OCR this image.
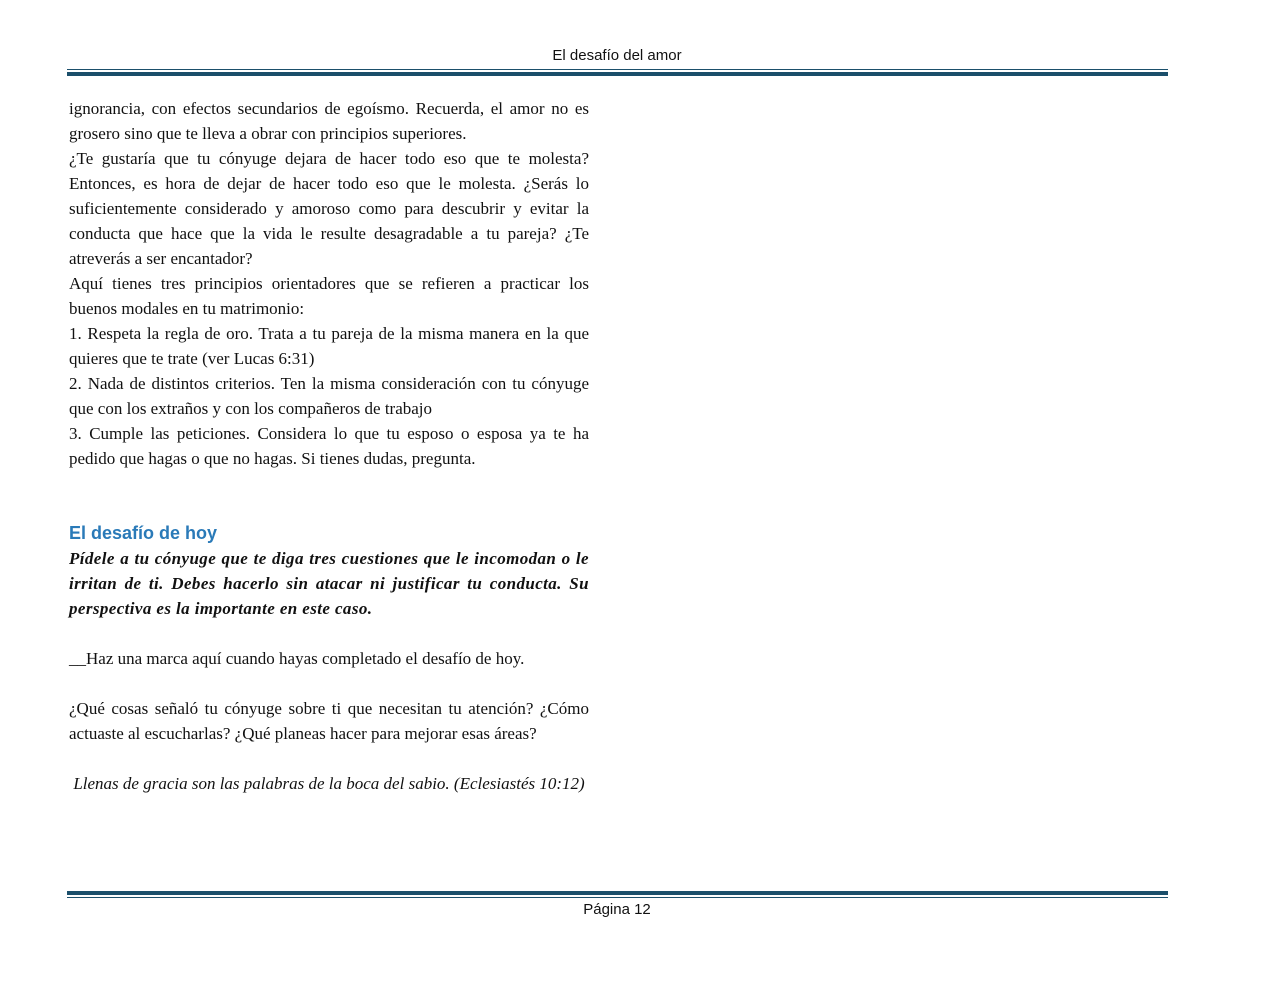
El desafío del amor

ignorancia, con efectos secundarios de egoísmo. Recuerda, el amor no es grosero sino que te lleva a obrar con principios superiores.

¿Te gustaría que tu cónyuge dejara de hacer todo eso que te molesta? Entonces, es hora de dejar de hacer todo eso que le molesta. ¿Serás lo suficientemente considerado y amoroso como para descubrir y evitar la conducta que hace que la vida le resulte desagradable a tu pareja? ¿Te atreverás a ser encantador?

Aquí tienes tres principios orientadores que se refieren a practicar los buenos modales en tu matrimonio:

1. Respeta la regla de oro. Trata a tu pareja de la misma manera en la que quieres que te trate (ver Lucas 6:31)

2. Nada de distintos criterios. Ten la misma consideración con tu cónyuge que con los extraños y con los compañeros de trabajo

3. Cumple las peticiones. Considera lo que tu esposo o esposa ya te ha pedido que hagas o que no hagas. Si tienes dudas, pregunta.

El desafío de hoy

Pídele a tu cónyuge que te diga tres cuestiones que le incomodan o le irritan de ti. Debes hacerlo sin atacar ni justificar tu conducta. Su perspectiva es la importante en este caso.

__Haz una marca aquí cuando hayas completado el desafío de hoy.

¿Qué cosas señaló tu cónyuge sobre ti que necesitan tu atención? ¿Cómo actuaste al escucharlas? ¿Qué planeas hacer para mejorar esas áreas?

Llenas de gracia son las palabras de la boca del sabio. (Eclesiastés 10:12)

Página 12
